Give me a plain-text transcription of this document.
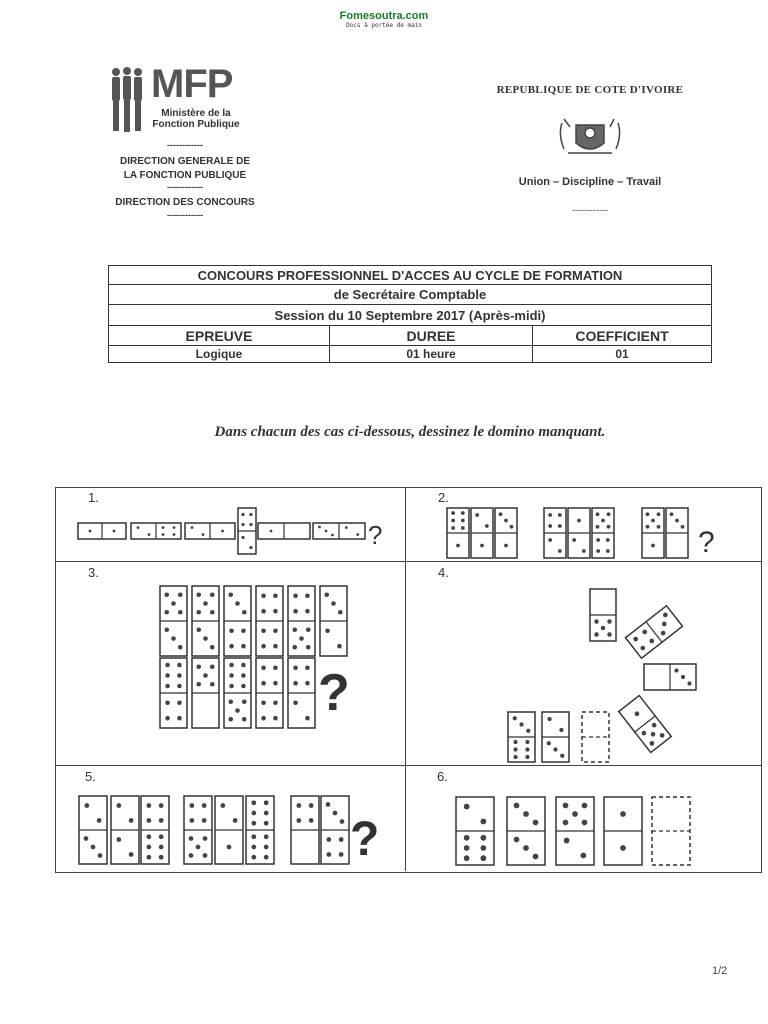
Fomesoutra.com
Docs à portée de main
MFP
Ministère de la
Fonction Publique
------------
DIRECTION GENERALE DE
LA FONCTION PUBLIQUE
------------
DIRECTION DES CONCOURS
------------
REPUBLIQUE DE COTE D'IVOIRE
Union – Discipline – Travail
------------
CONCOURS PROFESSIONNEL D'ACCES AU CYCLE DE FORMATION		
de Secrétaire Comptable		
Session du 10 Septembre 2017 (Après-midi)		
EPREUVE	DUREE	COEFFICIENT
Logique	01 heure	01
Dans chacun des cas ci-dessous, dessinez le domino manquant.
1.	2.
3.	4.
5.	6.
?	?
?
?
1/2
